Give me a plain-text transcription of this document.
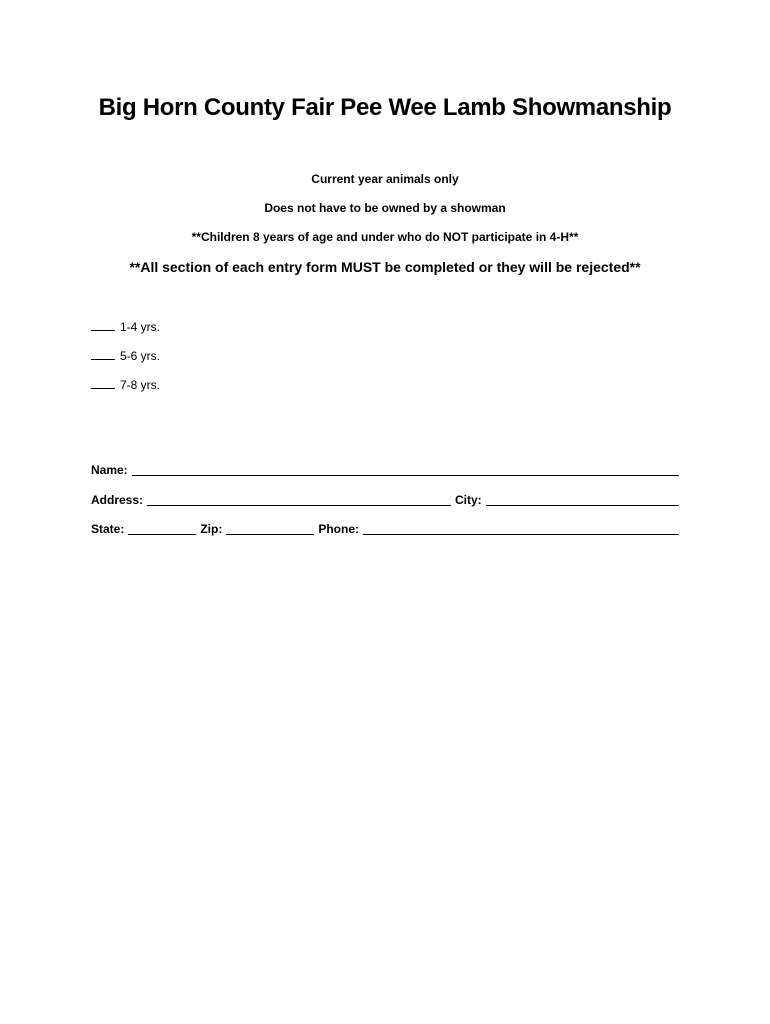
Big Horn County Fair Pee Wee Lamb Showmanship
Current year animals only
Does not have to be owned by a showman
**Children 8 years of age and under who do NOT participate in 4-H**
**All section of each entry form MUST be completed or they will be rejected**
1-4 yrs.
5-6 yrs.
7-8 yrs.
Name:
Address:	City:
State:	Zip:	Phone:
